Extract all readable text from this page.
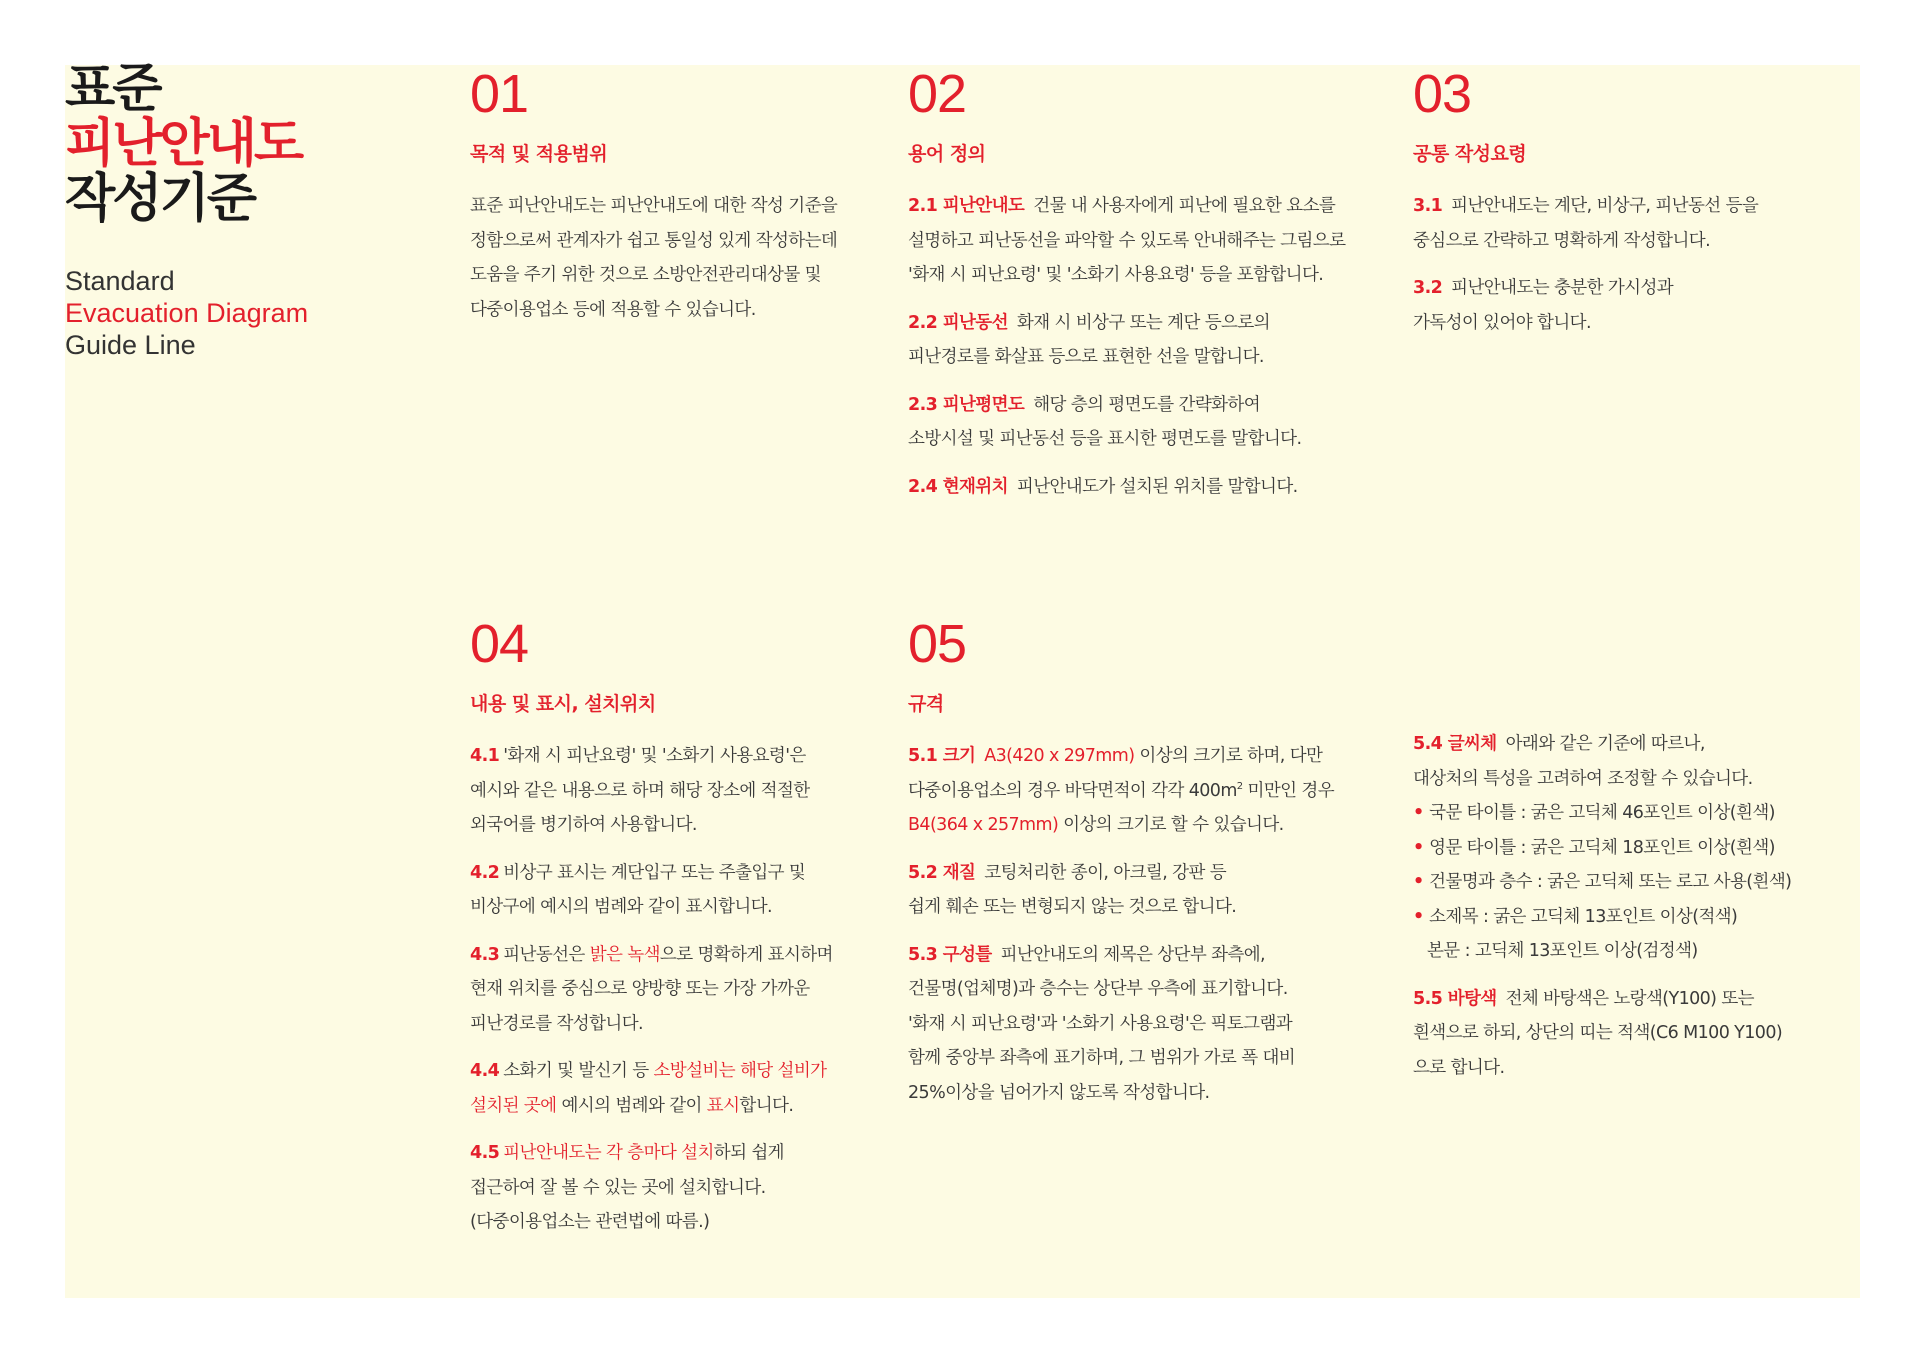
표준
피난안내도
작성기준
Standard
Evacuation Diagram
Guide Line
01
목적 및 적용범위
표준 피난안내도는 피난안내도에 대한 작성 기준을
정함으로써 관계자가 쉽고 통일성 있게 작성하는데
도움을 주기 위한 것으로 소방안전관리대상물 및
다중이용업소 등에 적용할 수 있습니다.
02
용어 정의
2.1 피난안내도 건물 내 사용자에게 피난에 필요한 요소를
설명하고 피난동선을 파악할 수 있도록 안내해주는 그림으로
'화재 시 피난요령' 및 '소화기 사용요령' 등을 포함합니다.
2.2 피난동선 화재 시 비상구 또는 계단 등으로의
피난경로를 화살표 등으로 표현한 선을 말합니다.
2.3 피난평면도 해당 층의 평면도를 간략화하여
소방시설 및 피난동선 등을 표시한 평면도를 말합니다.
2.4 현재위치 피난안내도가 설치된 위치를 말합니다.
03
공통 작성요령
3.1 피난안내도는 계단, 비상구, 피난동선 등을
중심으로 간략하고 명확하게 작성합니다.
3.2 피난안내도는 충분한 가시성과
가독성이 있어야 합니다.
04
내용 및 표시, 설치위치
4.1 '화재 시 피난요령' 및 '소화기 사용요령'은
예시와 같은 내용으로 하며 해당 장소에 적절한
외국어를 병기하여 사용합니다.
4.2 비상구 표시는 계단입구 또는 주출입구 및
비상구에 예시의 범례와 같이 표시합니다.
4.3 피난동선은 밝은 녹색으로 명확하게 표시하며
현재 위치를 중심으로 양방향 또는 가장 가까운
피난경로를 작성합니다.
4.4 소화기 및 발신기 등 소방설비는 해당 설비가
설치된 곳에 예시의 범례와 같이 표시합니다.
4.5 피난안내도는 각 층마다 설치하되 쉽게
접근하여 잘 볼 수 있는 곳에 설치합니다.
(다중이용업소는 관련법에 따름.)
05
규격
5.1 크기 A3(420 x 297mm) 이상의 크기로 하며, 다만
다중이용업소의 경우 바닥면적이 각각 $400m^2$ 미만인 경우
B4(364 x 257mm) 이상의 크기로 할 수 있습니다.
5.2 재질 코팅처리한 종이, 아크릴, 강판 등
쉽게 훼손 또는 변형되지 않는 것으로 합니다.
5.3 구성틀 피난안내도의 제목은 상단부 좌측에,
건물명(업체명)과 층수는 상단부 우측에 표기합니다.
'화재 시 피난요령'과 '소화기 사용요령'은 픽토그램과
함께 중앙부 좌측에 표기하며, 그 범위가 가로 폭 대비
25%이상을 넘어가지 않도록 작성합니다.
5.4 글씨체 아래와 같은 기준에 따르나,
대상처의 특성을 고려하여 조정할 수 있습니다.
• 국문 타이틀 : 굵은 고딕체 46포인트 이상(흰색)
• 영문 타이틀 : 굵은 고딕체 18포인트 이상(흰색)
• 건물명과 층수 : 굵은 고딕체 또는 로고 사용(흰색)
• 소제목 : 굵은 고딕체 13포인트 이상(적색)
본문 : 고딕체 13포인트 이상(검정색)
5.5 바탕색 전체 바탕색은 노랑색(Y100) 또는
흰색으로 하되, 상단의 띠는 적색(C6 M100 Y100)
으로 합니다.
